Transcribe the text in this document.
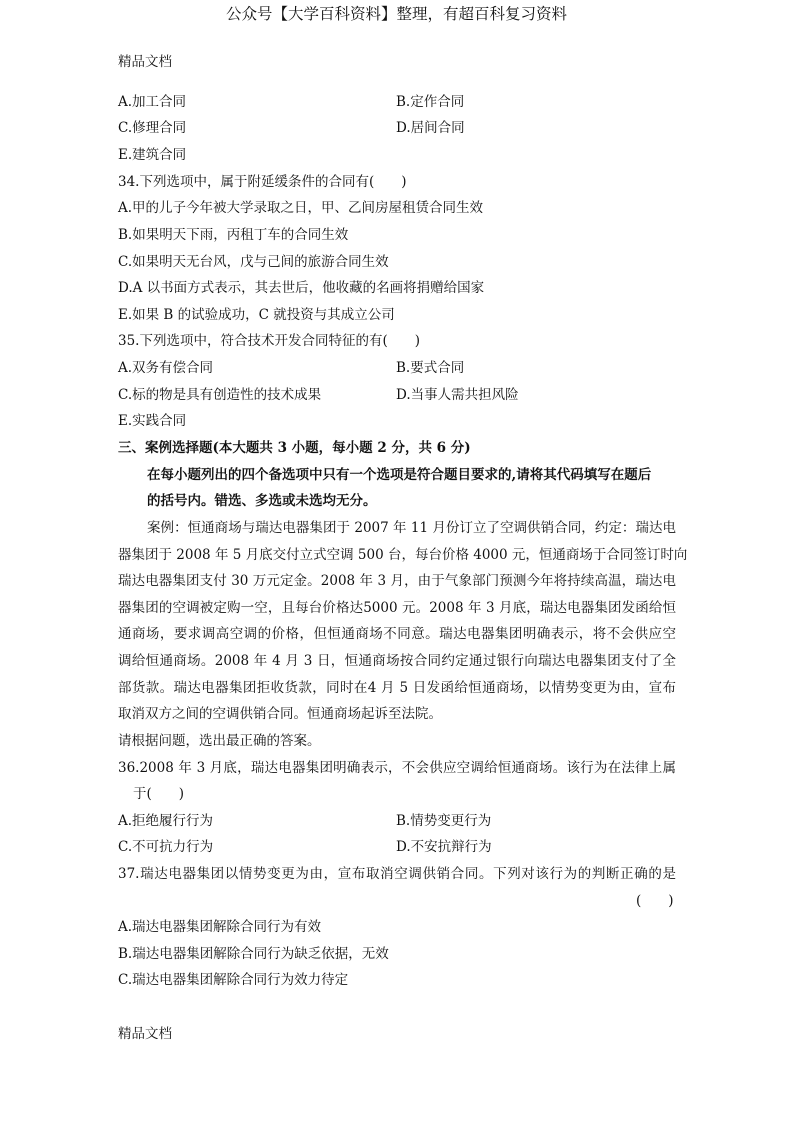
公众号【大学百科资料】整理，有超百科复习资料
精品文档
A.加工合同	B.定作合同
C.修理合同	D.居间合同
E.建筑合同
34.下列选项中，属于附延缓条件的合同有(　　)
A.甲的儿子今年被大学录取之日，甲、乙间房屋租赁合同生效
B.如果明天下雨，丙租丁车的合同生效
C.如果明天无台风，戊与己间的旅游合同生效
D.A 以书面方式表示，其去世后，他收藏的名画将捐赠给国家
E.如果 B 的试验成功，C 就投资与其成立公司
35.下列选项中，符合技术开发合同特征的有(　　)
A.双务有偿合同	B.要式合同
C.标的物是具有创造性的技术成果	D.当事人需共担风险
E.实践合同
三、案例选择题(本大题共 3 小题，每小题 2 分，共 6 分)
在每小题列出的四个备选项中只有一个选项是符合题目要求的,请将其代码填写在题后
的括号内。错选、多选或未选均无分。
案例：恒通商场与瑞达电器集团于 2007 年 11 月份订立了空调供销合同，约定：瑞达电
器集团于 2008 年 5 月底交付立式空调 500 台，每台价格 4000 元，恒通商场于合同签订时向
瑞达电器集团支付 30 万元定金。2008 年 3 月，由于气象部门预测今年将持续高温，瑞达电
器集团的空调被定购一空，且每台价格达5000 元。2008 年 3 月底，瑞达电器集团发函给恒
通商场，要求调高空调的价格，但恒通商场不同意。瑞达电器集团明确表示，将不会供应空
调给恒通商场。2008 年 4 月 3 日，恒通商场按合同约定通过银行向瑞达电器集团支付了全
部货款。瑞达电器集团拒收货款，同时在4 月 5 日发函给恒通商场，以情势变更为由，宣布
取消双方之间的空调供销合同。恒通商场起诉至法院。
请根据问题，选出最正确的答案。
36.2008 年 3 月底，瑞达电器集团明确表示，不会供应空调给恒通商场。该行为在法律上属
于(　　)
A.拒绝履行行为	B.情势变更行为
C.不可抗力行为	D.不安抗辩行为
37.瑞达电器集团以情势变更为由，宣布取消空调供销合同。下列对该行为的判断正确的是
(　　)
A.瑞达电器集团解除合同行为有效
B.瑞达电器集团解除合同行为缺乏依据，无效
C.瑞达电器集团解除合同行为效力待定
精品文档
